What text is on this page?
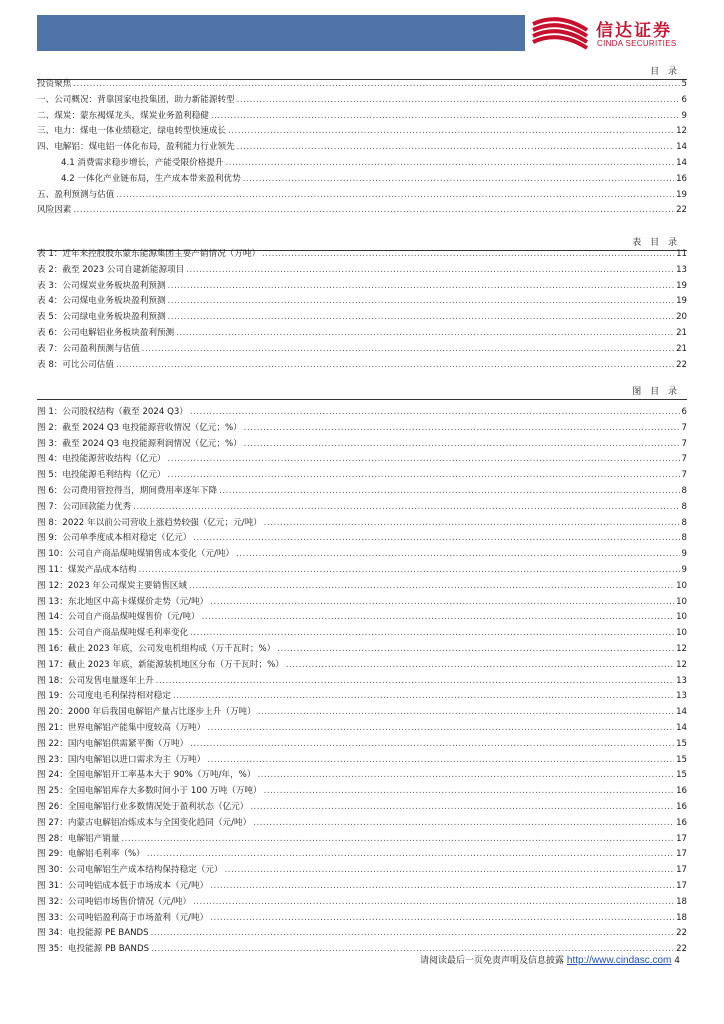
信达证券
CINDA SECURITIES
目 录
投资聚焦 .....	5
一、公司概况：背靠国家电投集团，助力新能源转型 .....	6
二、煤炭：蒙东褐煤龙头，煤炭业务盈利稳健 .....	9
三、电力：煤电一体业绩稳定，绿电转型快速成长 .....	12
四、电解铝：煤电铝一体化布局，盈利能力行业领先 .....	14
4.1 消费需求稳步增长，产能受限价格提升 .....	14
4.2 一体化产业链布局，生产成本带来盈利优势 .....	16
五、盈利预测与估值 .....	19
风险因素 .....	22
表 目 录
表 1：近年来控股股东蒙东能源集团主要产销情况（万吨） .....	11
表 2：截至 2023 公司自建新能源项目 .....	13
表 3：公司煤炭业务板块盈利预测 .....	19
表 4：公司煤电业务板块盈利预测 .....	19
表 5：公司绿电业务板块盈利预测 .....	20
表 6：公司电解铝业务板块盈利预测 .....	21
表 7：公司盈利预测与估值 .....	21
表 8：可比公司估值 .....	22
图 目 录
图 1：公司股权结构（截至 2024 Q3） .....	6
图 2：截至 2024 Q3 电投能源营收情况（亿元；%） .....	7
图 3：截至 2024 Q3 电投能源利润情况（亿元；%） .....	7
图 4：电投能源营收结构（亿元） .....	7
图 5：电投能源毛利结构（亿元） .....	7
图 6：公司费用管控得当，期间费用率逐年下降 .....	8
图 7：公司回款能力优秀 .....	8
图 8：2022 年以前公司营收上涨趋势较强（亿元；元/吨） .....	8
图 9：公司单季度成本相对稳定（亿元） .....	8
图 10：公司自产商品煤吨煤销售成本变化（元/吨） .....	9
图 11：煤炭产品成本结构 .....	9
图 12：2023 年公司煤炭主要销售区域 .....	10
图 13：东北地区中高卡煤煤价走势（元/吨） .....	10
图 14：公司自产商品煤吨煤售价（元/吨） .....	10
图 15：公司自产商品煤吨煤毛利率变化 .....	10
图 16：截止 2023 年底，公司发电机组构成（万千瓦时；%） .....	12
图 17：截止 2023 年底，新能源装机地区分布（万千瓦时；%） .....	12
图 18：公司发售电量逐年上升 .....	13
图 19：公司度电毛利保持相对稳定 .....	13
图 20：2000 年后我国电解铝产量占比逐步上升（万吨） .....	14
图 21：世界电解铝产能集中度较高（万吨） .....	14
图 22：国内电解铝供需紧平衡（万吨） .....	15
图 23：国内电解铝以进口需求为主（万吨） .....	15
图 24：全国电解铝开工率基本大于 90%（万吨/年，%） .....	15
图 25：全国电解铝库存大多数时间小于 100 万吨（万吨） .....	16
图 26：全国电解铝行业多数情况处于盈利状态（亿元） .....	16
图 27：内蒙古电解铝冶炼成本与全国变化趋同（元/吨） .....	16
图 28：电解铝产销量 .....	17
图 29：电解铝毛利率（%） .....	17
图 30：公司电解铝生产成本结构保持稳定（元） .....	17
图 31：公司吨铝成本低于市场成本（元/吨） .....	17
图 32：公司吨铝市场售价情况（元/吨） .....	18
图 33：公司吨铝盈利高于市场盈利（元/吨） .....	18
图 34：电投能源 PE BANDS .....	22
图 35：电投能源 PB BANDS .....	22
请阅读最后一页免责声明及信息披露 http://www.cindasc.com 4
